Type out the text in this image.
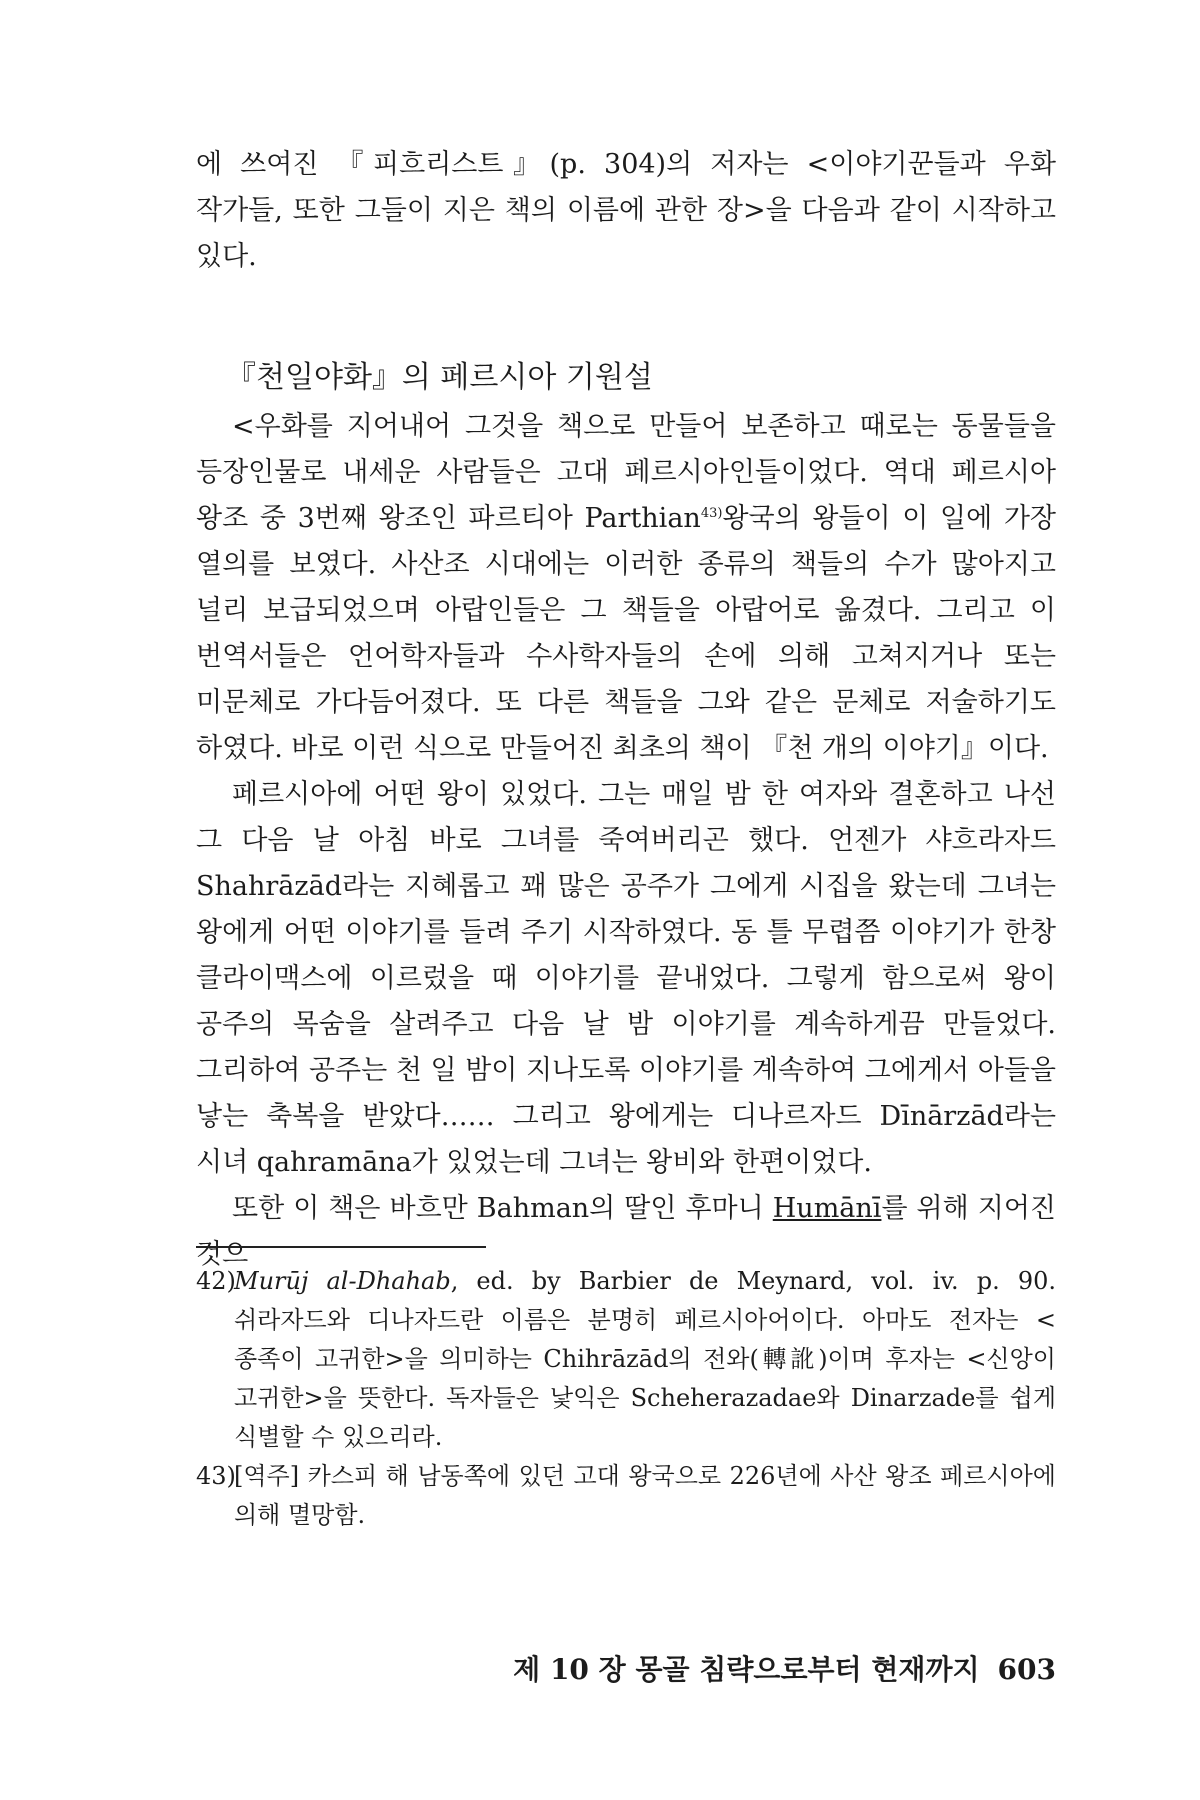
에 쓰여진 『피흐리스트』(p. 304)의 저자는 <이야기꾼들과 우화 작가들, 또한 그들이 지은 책의 이름에 관한 장>을 다음과 같이 시작하고 있다.

『천일야화』의 페르시아 기원설

<우화를 지어내어 그것을 책으로 만들어 보존하고 때로는 동물들을 등장인물로 내세운 사람들은 고대 페르시아인들이었다. 역대 페르시아 왕조 중 3번째 왕조인 파르티아 Parthian$^{43)}$왕국의 왕들이 이 일에 가장 열의를 보였다. 사산조 시대에는 이러한 종류의 책들의 수가 많아지고 널리 보급되었으며 아랍인들은 그 책들을 아랍어로 옮겼다. 그리고 이 번역서들은 언어학자들과 수사학자들의 손에 의해 고쳐지거나 또는 미문체로 가다듬어졌다. 또 다른 책들을 그와 같은 문체로 저술하기도 하였다. 바로 이런 식으로 만들어진 최초의 책이 『천 개의 이야기』이다.

페르시아에 어떤 왕이 있었다. 그는 매일 밤 한 여자와 결혼하고 나선 그 다음 날 아침 바로 그녀를 죽여버리곤 했다. 언젠가 샤흐라자드 Shahrāzād라는 지혜롭고 꽤 많은 공주가 그에게 시집을 왔는데 그녀는 왕에게 어떤 이야기를 들려 주기 시작하였다. 동 틀 무렵쯤 이야기가 한창 클라이맥스에 이르렀을 때 이야기를 끝내었다. 그렇게 함으로써 왕이 공주의 목숨을 살려주고 다음 날 밤 이야기를 계속하게끔 만들었다. 그리하여 공주는 천 일 밤이 지나도록 이야기를 계속하여 그에게서 아들을 낳는 축복을 받았다…… 그리고 왕에게는 디나르자드 Dīnārzād라는 시녀 qahramāna가 있었는데 그녀는 왕비와 한편이었다.

또한 이 책은 바흐만 Bahman의 딸인 후마니 Humānī를 위해 지어진 것으

42)
Murūj al-Dhahab, ed. by Barbier de Meynard, vol. iv. p. 90. 쉬라자드와 디나자드란 이름은 분명히 페르시아어이다. 아마도 전자는 <종족이 고귀한>을 의미하는 Chihrāzād의 전와(轉訛)이며 후자는 <신앙이 고귀한>을 뜻한다. 독자들은 낯익은 Scheherazadae와 Dinarzade를 쉽게 식별할 수 있으리라.
43)
[역주] 카스피 해 남동쪽에 있던 고대 왕국으로 226년에 사산 왕조 페르시아에 의해 멸망함.
제 10 장 몽골 침략으로부터 현재까지 603
